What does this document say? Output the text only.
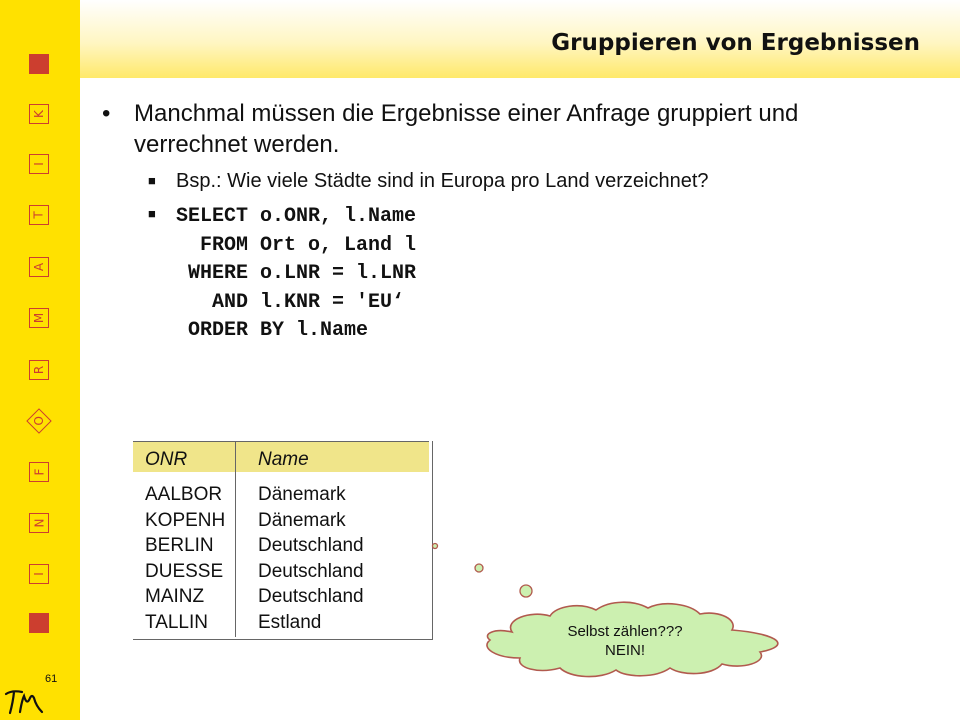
K
I
T
A
M
R
O
F
N
I
61
Gruppieren von Ergebnissen
• Manchmal müssen die Ergebnisse einer Anfrage gruppiert und verrechnet werden.
■ Bsp.: Wie viele Städte sind in Europa pro Land verzeichnet?
■ SELECT o.ONR, l.Name
FROM Ort o, Land l
WHERE o.LNR = l.LNR
AND l.KNR = 'EU‘
ORDER BY l.Name
ONR	Name
AALBOR Dänemark
KOPENH Dänemark
BERLIN Deutschland
DUESSE Deutschland
MAINZ	Deutschland
TALLIN	Estland	Selbst zählen???
NEIN!
